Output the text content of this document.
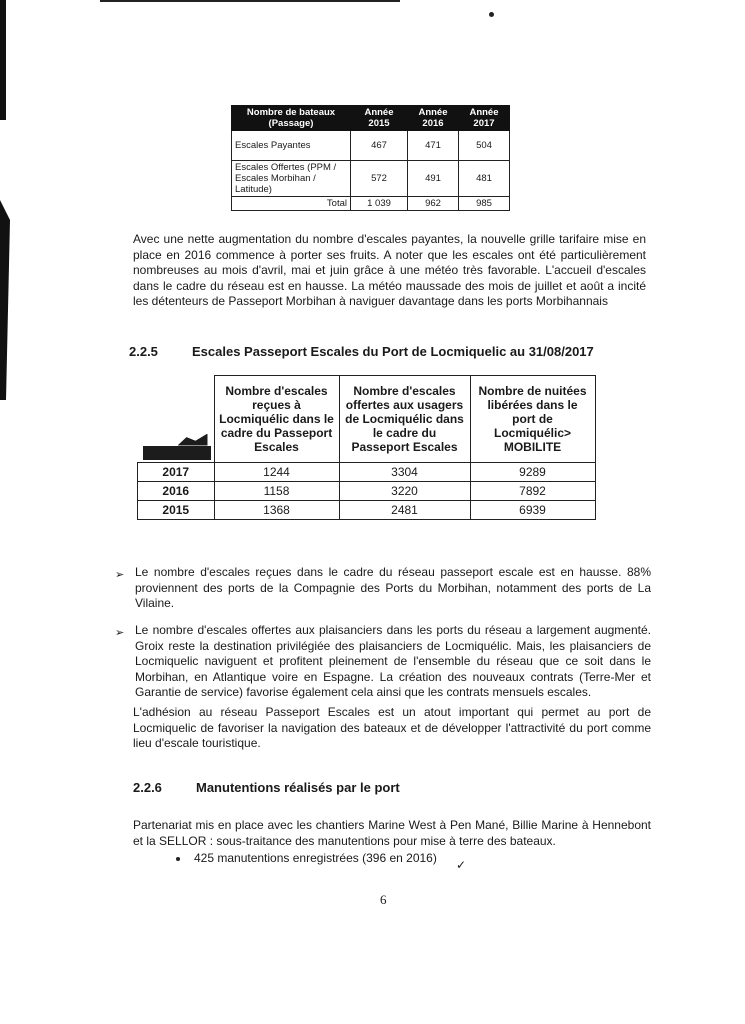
Nombre de bateaux (Passage)	Année 2015	Année 2016	Année 2017
Escales Payantes	467	471	504
Escales Offertes (PPM / Escales Morbihan / Latitude)	572	491	481
Total	1 039	962	985
Avec une nette augmentation du nombre d'escales payantes, la nouvelle grille tarifaire mise en place en 2016 commence à porter ses fruits. A noter que les escales ont été particulièrement nombreuses au mois d'avril, mai et juin grâce à une météo très favorable. L'accueil d'escales dans le cadre du réseau est en hausse. La météo maussade des mois de juillet et août a incité les détenteurs de Passeport Morbihan à naviguer davantage dans les ports Morbihannais
2.2.5	Escales Passeport Escales du Port de Locmiquelic au 31/08/2017
	Nombre d'escales reçues à Locmiquélic dans le cadre du Passeport Escales	Nombre d'escales offertes aux usagers de Locmiquélic dans le cadre du Passeport Escales	Nombre de nuitées libérées dans le port de Locmiquélic> MOBILITE
2017	1244	3304	9289
2016	1158	3220	7892
2015	1368	2481	6939
➢ Le nombre d'escales reçues dans le cadre du réseau passeport escale est en hausse. 88% proviennent des ports de la Compagnie des Ports du Morbihan, notamment des ports de La Vilaine.
➢ Le nombre d'escales offertes aux plaisanciers dans les ports du réseau a largement augmenté. Groix reste la destination privilégiée des plaisanciers de Locmiquélic. Mais, les plaisanciers de Locmiquelic naviguent et profitent pleinement de l'ensemble du réseau que ce soit dans le Morbihan, en Atlantique voire en Espagne. La création des nouveaux contrats (Terre-Mer et Garantie de service) favorise également cela ainsi que les contrats mensuels escales.
L'adhésion au réseau Passeport Escales est un atout important qui permet au port de Locmiquelic de favoriser la navigation des bateaux et de développer l'attractivité du port comme lieu d'escale touristique.
2.2.6	Manutentions réalisés par le port
Partenariat mis en place avec les chantiers Marine West à Pen Mané, Billie Marine à Hennebont et la SELLOR : sous-traitance des manutentions pour mise à terre des bateaux.
425 manutentions enregistrées (396 en 2016)	✓
6
